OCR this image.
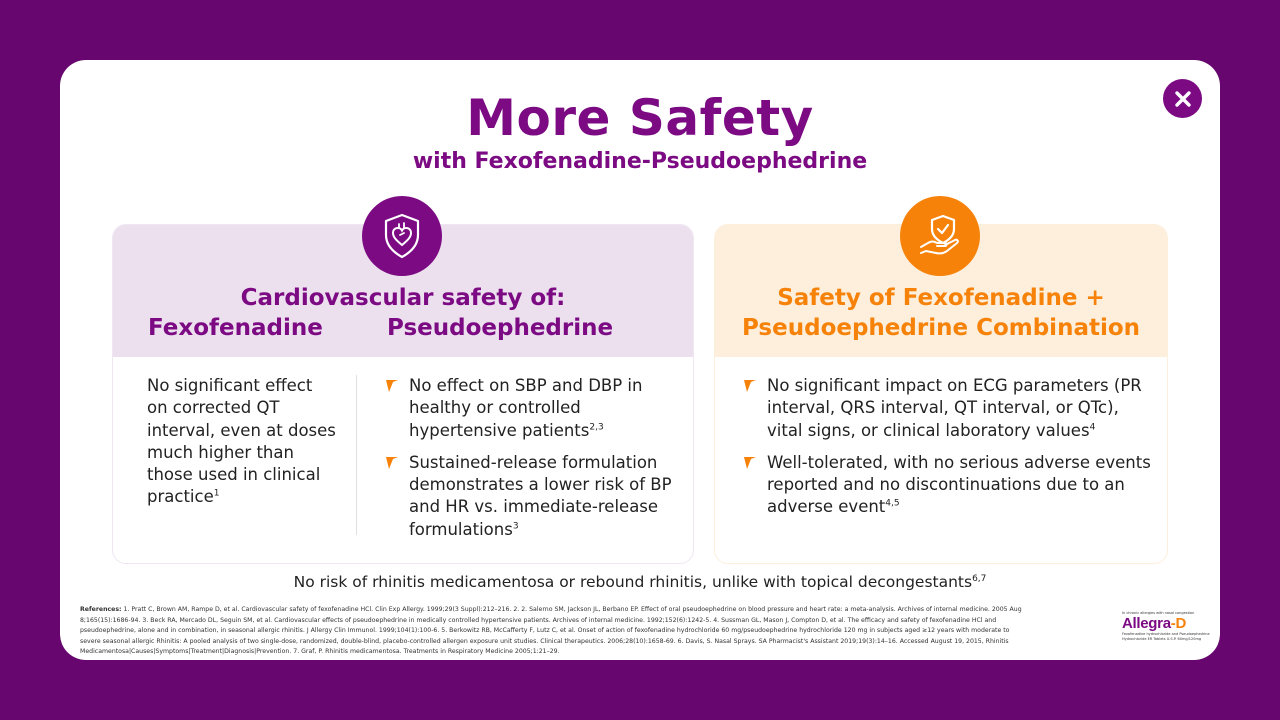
More Safety
with Fexofenadine-Pseudoephedrine
Cardiovascular safety of:
Fexofenadine	Pseudoephedrine
No significant effect on corrected QT interval, even at doses much higher than those used in clinical practice$^1$
No effect on SBP and DBP in healthy or controlled hypertensive patients$^{2,3}$
Sustained-release formulation demonstrates a lower risk of BP and HR vs. immediate-release formulations$^3$
Safety of Fexofenadine +
Pseudoephedrine Combination
No significant impact on ECG parameters (PR interval, QRS interval, QT interval, or QTc), vital signs, or clinical laboratory values$^4$
Well-tolerated, with no serious adverse events reported and no discontinuations due to an adverse event$^{4,5}$
No risk of rhinitis medicamentosa or rebound rhinitis, unlike with topical decongestants$^{6,7}$
References: 1. Pratt C, Brown AM, Rampe D, et al. Cardiovascular safety of fexofenadine HCl. Clin Exp Allergy. 1999;29(3 Suppl):212–216. 2. 2. Salerno SM, Jackson JL, Berbano EP. Effect of oral pseudoephedrine on blood pressure and heart rate: a meta-analysis. Archives of internal medicine. 2005 Aug 8;165(15):1686-94. 3. Beck RA, Mercado DL, Seguin SM, et al. Cardiovascular effects of pseudoephedrine in medically controlled hypertensive patients. Archives of internal medicine. 1992;152(6):1242-5. 4. Sussman GL, Mason J, Compton D, et al. The efficacy and safety of fexofenadine HCl and pseudoephedrine, alone and in combination, in seasonal allergic rhinitis. J Allergy Clin Immunol. 1999;104(1):100-6. 5. Berkowitz RB, McCafferty F, Lutz C, et al. Onset of action of fexofenadine hydrochloride 60 mg/pseudoephedrine hydrochloride 120 mg in subjects aged ≥12 years with moderate to severe seasonal allergic Rhinitis: A pooled analysis of two single-dose, randomized, double-blind, placebo-controlled allergen exposure unit studies. Clinical therapeutics. 2006;28(10):1658-69. 6. Davis, S. Nasal Sprays. SA Pharmacist's Assistant 2019;19(3):14–16. Accessed August 19, 2015, Rhinitis Medicamentosa|Causes|Symptoms|Treatment|Diagnosis|Prevention. 7. Graf, P. Rhinitis medicamentosa. Treatments in Respiratory Medicine 2005;1:21–29.
In chronic allergies with nasal congestion
Allegra-D
Fexofenadine hydrochloride and Pseudoephedrine Hydrochloride ER Tablets U.S.P. 60mg/120mg
